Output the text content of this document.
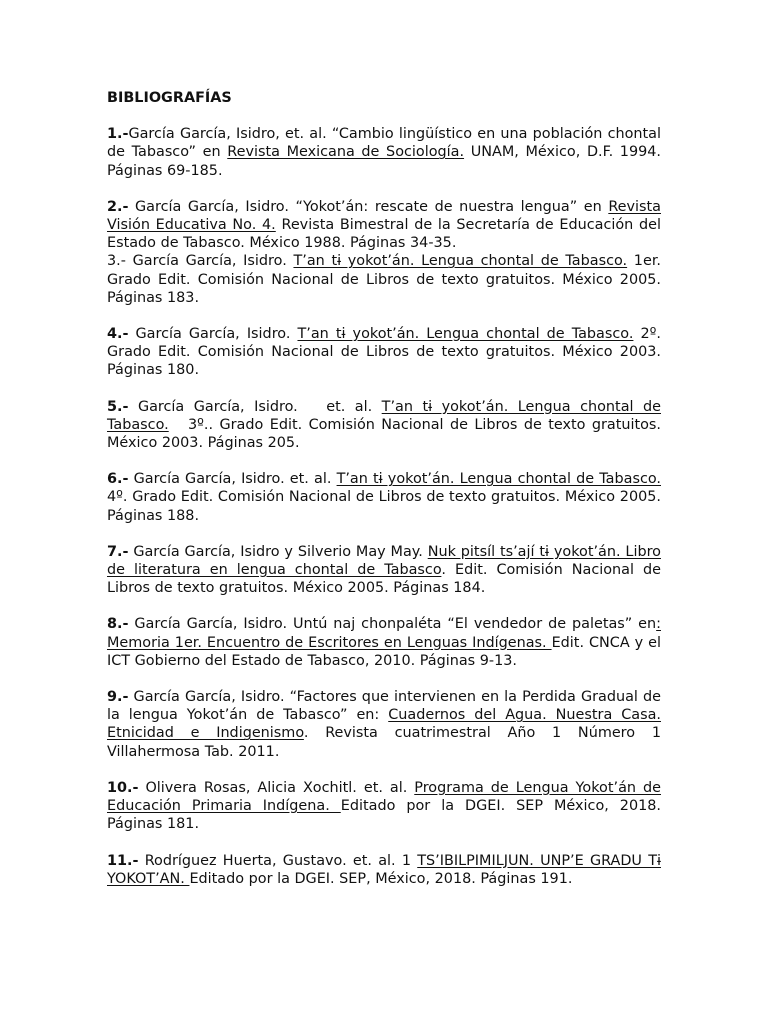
BIBLIOGRAFÍAS
1.-García García, Isidro, et. al. “Cambio lingüístico en una población chontal de Tabasco” en Revista Mexicana de Sociología. UNAM, México, D.F. 1994. Páginas 69-185.
2.- García García, Isidro. “Yokot’án: rescate de nuestra lengua” en Revista Visión Educativa No. 4. Revista Bimestral de la Secretaría de Educación del Estado de Tabasco. México 1988. Páginas 34-35.
3.- García García, Isidro. T’an tɨ yokot’án. Lengua chontal de Tabasco. 1er. Grado Edit. Comisión Nacional de Libros de texto gratuitos. México 2005. Páginas 183.
4.- García García, Isidro. T’an tɨ yokot’án. Lengua chontal de Tabasco. 2º. Grado Edit. Comisión Nacional de Libros de texto gratuitos. México 2003. Páginas 180.
5.- García García, Isidro.   et. al. T’an tɨ yokot’án. Lengua chontal de Tabasco.   3º.. Grado Edit. Comisión Nacional de Libros de texto gratuitos. México 2003. Páginas 205.
6.- García García, Isidro. et. al. T’an tɨ yokot’án. Lengua chontal de Tabasco.  4º. Grado Edit. Comisión Nacional de Libros de texto gratuitos. México 2005. Páginas 188.
7.- García García, Isidro y Silverio May May. Nuk pitsíl ts’ají tɨ yokot’án. Libro de literatura en lengua chontal de Tabasco. Edit. Comisión Nacional de Libros de texto gratuitos. México 2005. Páginas 184.
8.- García García, Isidro. Untú naj chonpaléta “El vendedor de paletas” en: Memoria 1er. Encuentro de Escritores en Lenguas Indígenas. Edit. CNCA y el ICT Gobierno del Estado de Tabasco, 2010. Páginas 9-13.
9.- García García, Isidro. “Factores que intervienen en la Perdida Gradual de la lengua Yokot’án de Tabasco” en: Cuadernos del Agua. Nuestra Casa. Etnicidad e Indigenismo. Revista cuatrimestral Año 1 Número 1 Villahermosa Tab. 2011.
10.- Olivera Rosas, Alicia Xochitl. et. al. Programa de Lengua Yokot’án de Educación Primaria Indígena. Editado por la DGEI. SEP México, 2018. Páginas 181.
11.- Rodríguez Huerta, Gustavo. et. al. 1 TS’IBILPIMILJUN. UNP’E GRADU Tɨ YOKOT’AN. Editado por la DGEI. SEP, México, 2018. Páginas 191.
